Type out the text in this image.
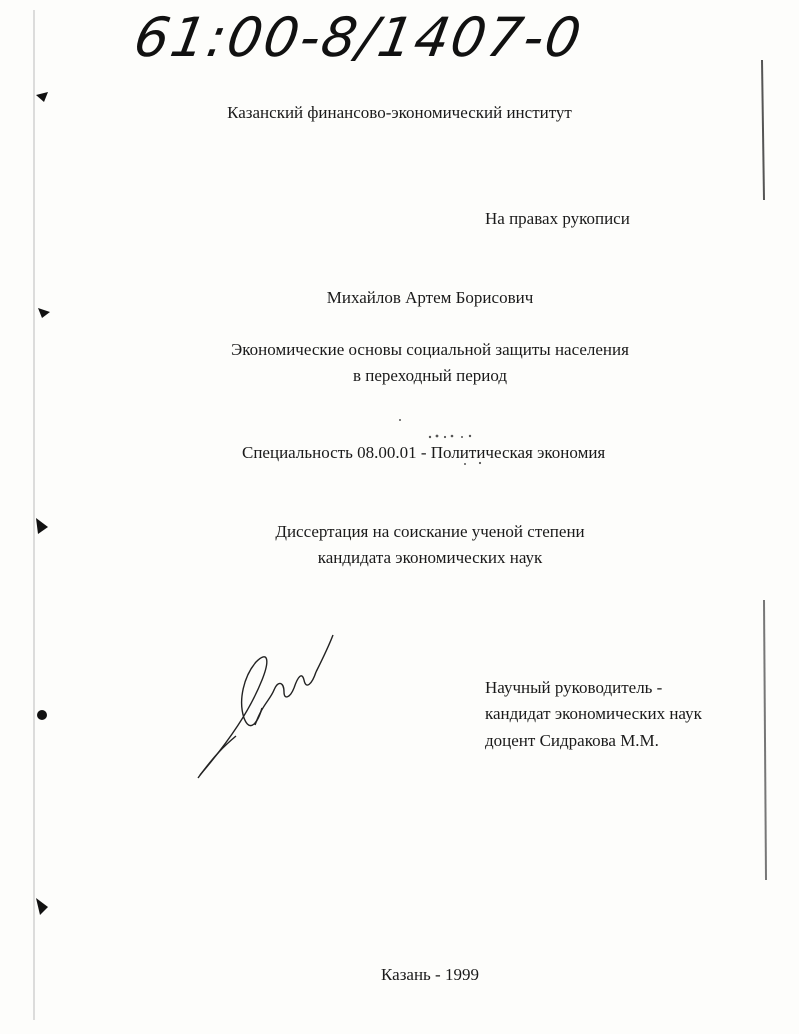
61:00-8/1407-0
Казанский финансово-экономический институт
На правах рукописи
Михайлов Артем Борисович
Экономические основы социальной защиты населения
в переходный период
Специальность 08.00.01 - Политическая экономия
Диссертация на соискание ученой степени
кандидата экономических наук
Научный руководитель -
кандидат экономических наук
доцент Сидракова М.М.
Казань - 1999
